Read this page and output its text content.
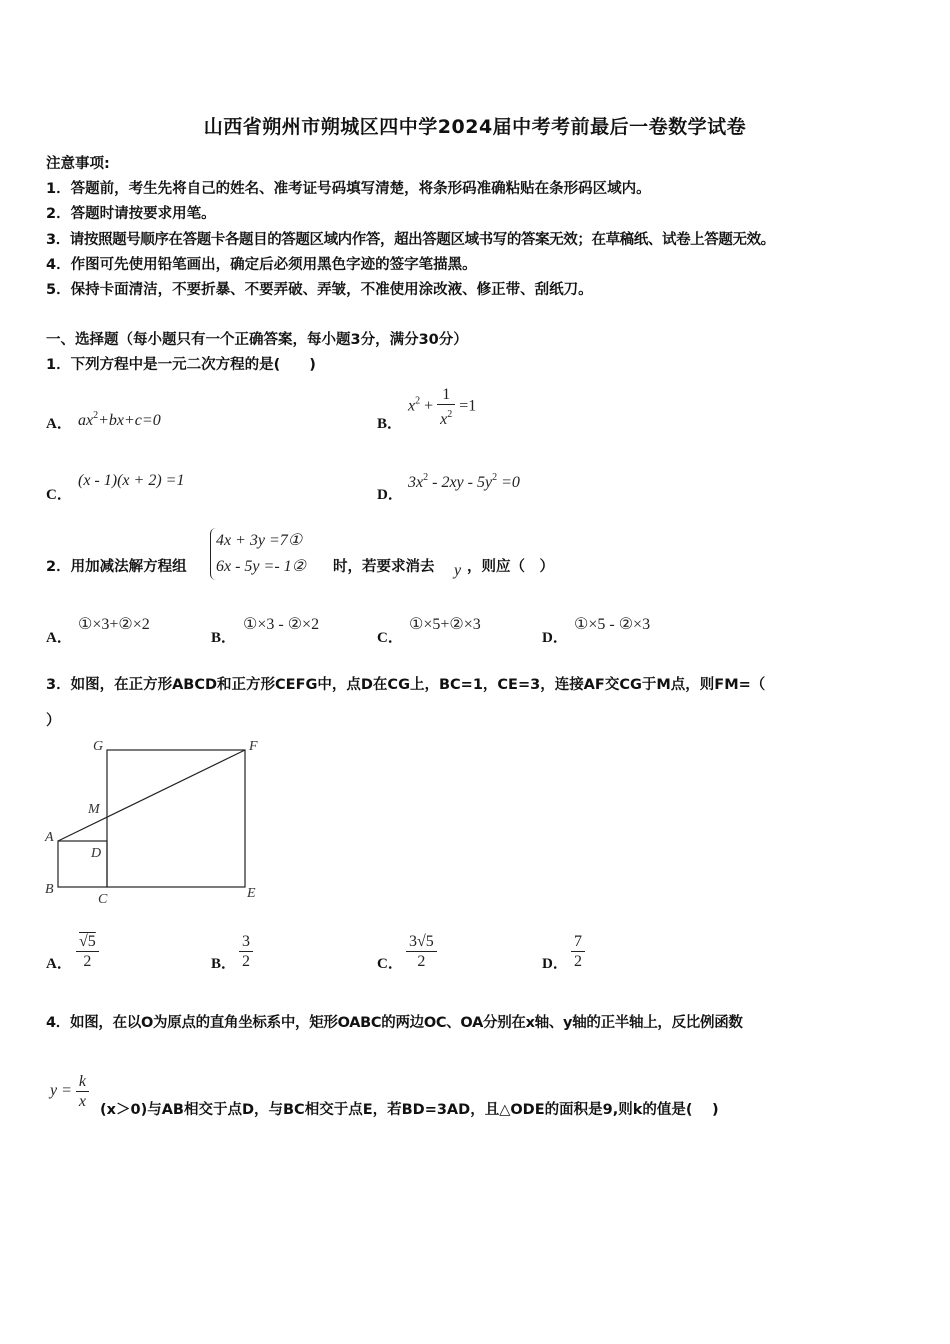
山西省朔州市朔城区四中学2024届中考考前最后一卷数学试卷
注意事项:
1．答题前，考生先将自己的姓名、准考证号码填写清楚，将条形码准确粘贴在条形码区域内。
2．答题时请按要求用笔。
3．请按照题号顺序在答题卡各题目的答题区域内作答，超出答题区域书写的答案无效；在草稿纸、试卷上答题无效。
4．作图可先使用铅笔画出，确定后必须用黑色字迹的签字笔描黑。
5．保持卡面清洁，不要折暴、不要弄破、弄皱，不准使用涂改液、修正带、刮纸刀。
一、选择题（每小题只有一个正确答案，每小题3分，满分30分）
1．下列方程中是一元二次方程的是(　　)
A． $ax^2+bx+c=0$	B．
$x^2 + \frac{1}{x^2} =1$
C．
(x - 1)(x + 2) =1
D．
$3x^2 - 2xy - 5y^2 =0$
2．用加减法解方程组
4x + 3y =7①
6x - 5y =- 1② 时，若要求消去 y ，则应（　）
A．
①×3+②×2
B．
①×3 - ②×2
C．
①×5+②×3
D．
①×5 - ②×3
3．如图，在正方形ABCD和正方形CEFG中，点D在CG上，BC=1，CE=3，连接AF交CG于M点，则FM=（
）
G	F
M
A
D
B
C	E
A． $\frac{√5}{2}$	B． $\frac{3}{2}$	C． $\frac{3√5}{2}$	D． $\frac{7}{2}$
4．如图，在以O为原点的直角坐标系中，矩形OABC的两边OC、OA分别在x轴、y轴的正半轴上，反比例函数
$y = \frac{k}{x} (x>0)$与AB相交于点D，与BC相交于点E，若BD=3AD，且△ODE的面积是9,则k的值是(　 )
